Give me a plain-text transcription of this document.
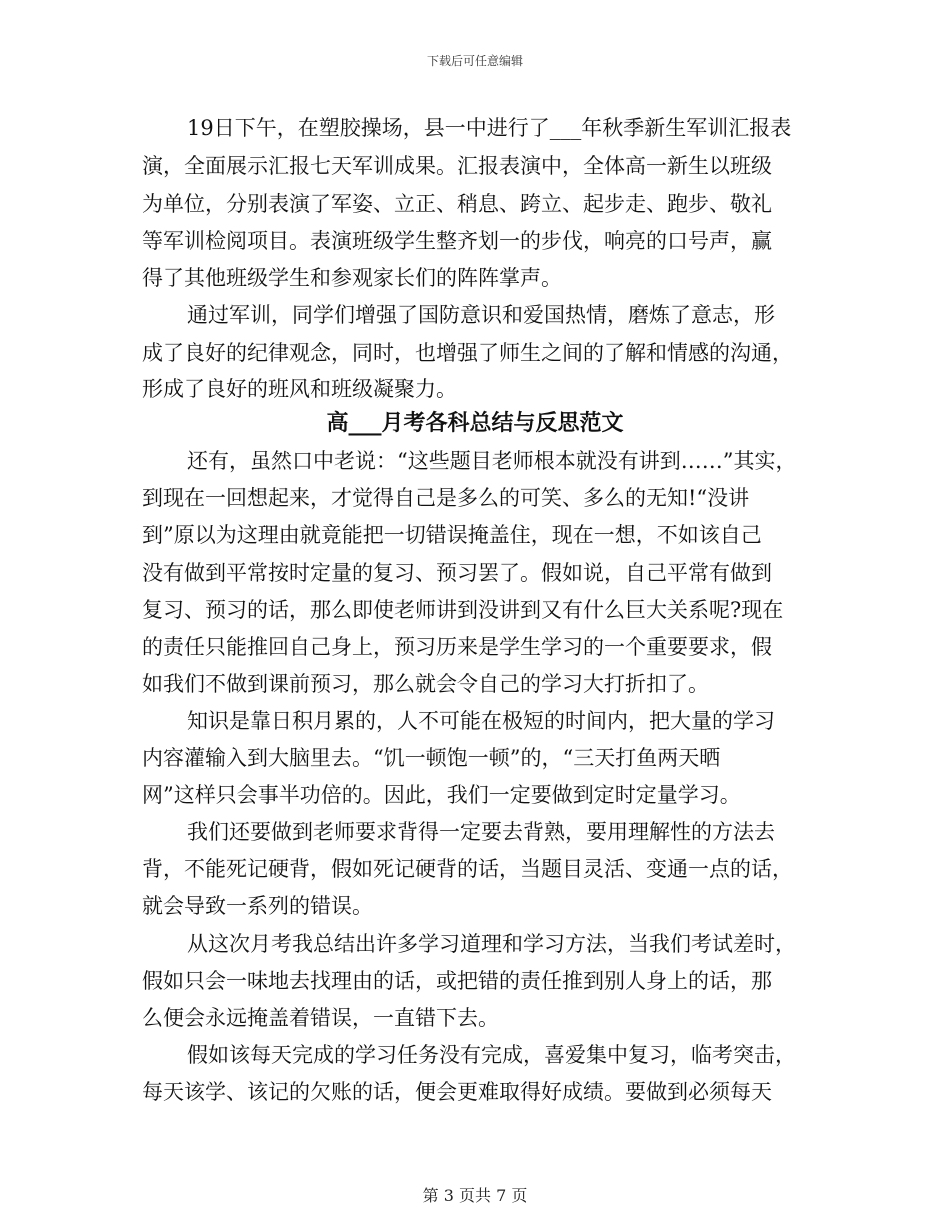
下载后可任意编辑
19日下午，在塑胶操场，县一中进行了___年秋季新生军训汇报表
演，全面展示汇报七天军训成果。汇报表演中，全体高一新生以班级
为单位，分别表演了军姿、立正、稍息、跨立、起步走、跑步、敬礼
等军训检阅项目。表演班级学生整齐划一的步伐，响亮的口号声，赢
得了其他班级学生和参观家长们的阵阵掌声。
通过军训，同学们增强了国防意识和爱国热情，磨炼了意志，形
成了良好的纪律观念，同时，也增强了师生之间的了解和情感的沟通，
形成了良好的班风和班级凝聚力。
高___月考各科总结与反思范文
还有，虽然口中老说：“这些题目老师根本就没有讲到……”其实，
到现在一回想起来，才觉得自己是多么的可笑、多么的无知!“没讲
到”原以为这理由就竟能把一切错误掩盖住，现在一想，不如该自己
没有做到平常按时定量的复习、预习罢了。假如说，自己平常有做到
复习、预习的话，那么即使老师讲到没讲到又有什么巨大关系呢?现在
的责任只能推回自己身上，预习历来是学生学习的一个重要要求，假
如我们不做到课前预习，那么就会令自己的学习大打折扣了。
知识是靠日积月累的，人不可能在极短的时间内，把大量的学习
内容灌输入到大脑里去。“饥一顿饱一顿”的，“三天打鱼两天晒
网”这样只会事半功倍的。因此，我们一定要做到定时定量学习。
我们还要做到老师要求背得一定要去背熟，要用理解性的方法去
背，不能死记硬背，假如死记硬背的话，当题目灵活、变通一点的话，
就会导致一系列的错误。
从这次月考我总结出许多学习道理和学习方法，当我们考试差时，
假如只会一味地去找理由的话，或把错的责任推到别人身上的话，那
么便会永远掩盖着错误，一直错下去。
假如该每天完成的学习任务没有完成，喜爱集中复习，临考突击，
每天该学、该记的欠账的话，便会更难取得好成绩。要做到必须每天
第 3 页共 7 页
